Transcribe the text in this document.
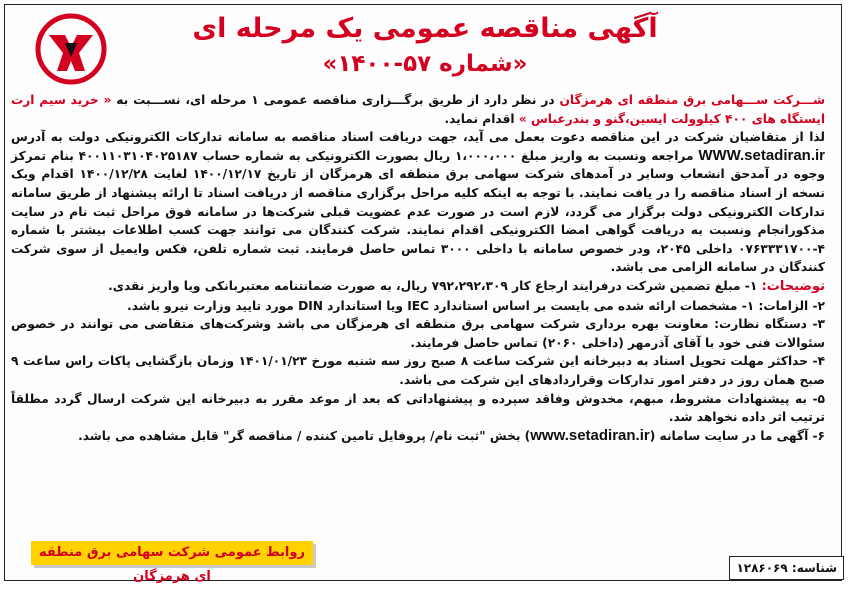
آگهی مناقصه عمومی یک مرحله ای
«شماره ۵۷-۱۴۰۰»

شـــرکت ســـهامی برق منطقه ای هرمزگان در نظر دارد از طریق برگـــزاری مناقصه عمومی ۱ مرحله ای، نســـبت به « خرید سیم ارت ایستگاه های ۴۰۰ کیلوولت ایسین،گنو و بندرعباس » اقدام نماید.

لذا از متقاضیان شرکت در این مناقصه دعوت بعمل می آید، جهت دریافت اسناد مناقصه به سامانه تدارکات الکترونیکی دولت به آدرس WWW.setadiran.ir مراجعه ونسبت به واریز مبلغ ۱،۰۰۰،۰۰۰ ریال بصورت الکترونیکی به شماره حساب ۴۰۰۱۱۰۳۱۰۴۰۲۵۱۸۷ بنام تمرکز وجوه در آمدحق انشعاب وسایر در آمدهای شرکت سهامی برق منطقه ای هرمزگان از تاریخ ۱۴۰۰/۱۲/۱۷ لغایت ۱۴۰۰/۱۲/۲۸ اقدام ویک نسخه از اسناد مناقصه را در یافت نمایند. با توجه به اینکه کلیه مراحل برگزاری مناقصه از دریافت اسناد تا ارائه پیشنهاد از طریق سامانه تدارکات الکترونیکی دولت برگزار می گردد، لازم است در صورت عدم عضویت قبلی شرکت‌ها در سامانه فوق مراحل ثبت نام در سایت مذکورانجام ونسبت به دریافت گواهی امضا الکترونیکی اقدام نمایند. شرکت کنندگان می توانند جهت کسب اطلاعات بیشتر با شماره ۴-۰۷۶۳۳۳۱۷۰۰ داخلی ۲۰۴۵، ودر خصوص سامانه با داخلی ۳۰۰۰ تماس حاصل فرمایند. ثبت شماره تلفن، فکس وایمیل از سوی شرکت کنندگان در سامانه الزامی می باشد.

توضیحات: ۱- مبلغ تضمین شرکت درفرایند ارجاع کار ۷۹۲،۲۹۲،۳۰۹ ریال، به صورت ضمانتنامه معتبربانکی ویا واریز نقدی.

۲- الزامات: ۱- مشخصات ارائه شده می بایست بر اساس استاندارد IEC ویا استاندارد DIN مورد تایید وزارت نیرو باشد.

۳- دستگاه نظارت: معاونت بهره برداری شرکت سهامی برق منطقه ای هرمزگان می باشد وشرکت‌های متقاضی می توانند در خصوص سئوالات فنی خود با آقای آذرمهر (داخلی ۲۰۶۰) تماس حاصل فرمایند.

۴- حداکثر مهلت تحویل اسناد به دبیرخانه این شرکت ساعت ۸ صبح روز سه شنبه مورخ ۱۴۰۱/۰۱/۲۳ وزمان بازگشایی پاکات راس ساعت ۹ صبح همان روز در دفتر امور تدارکات وقراردادهای این شرکت می باشد.

۵- به پیشنهادات مشروط، مبهم، مخدوش وفاقد سپرده و پیشنهاداتی که بعد از موعد مقرر به دبیرخانه این شرکت ارسال گردد مطلقاً ترتیب اثر داده نخواهد شد.

۶- آگهی ما در سایت سامانه (www.setadiran.ir) بخش "ثبت نام/ پروفایل تامین کننده / مناقصه گر" قابل مشاهده می باشد.

روابط عمومی شرکت سهامی برق منطقه ای هرمزگان
شناسه: ۱۲۸۶۰۶۹
